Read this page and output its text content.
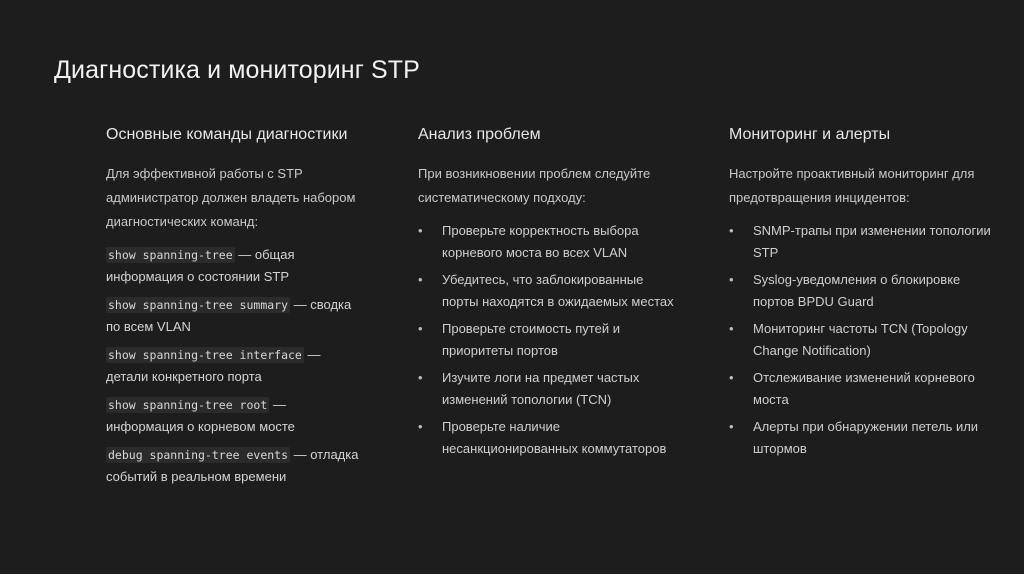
Диагностика и мониторинг STP
Основные команды диагностики

Для эффективной работы с STP администратор должен владеть набором диагностических команд:

show spanning-tree — общая информация о состоянии STP
show spanning-tree summary — сводка по всем VLAN
show spanning-tree interface — детали конкретного порта
show spanning-tree root — информация о корневом мосте
debug spanning-tree events — отладка событий в реальном времени
Анализ проблем

При возникновении проблем следуйте систематическому подходу:

• Проверьте корректность выбора корневого моста во всех VLAN
• Убедитесь, что заблокированные порты находятся в ожидаемых местах
• Проверьте стоимость путей и приоритеты портов
• Изучите логи на предмет частых изменений топологии (TCN)
• Проверьте наличие несанкционированных коммутаторов
Мониторинг и алерты

Настройте проактивный мониторинг для предотвращения инцидентов:

• SNMP-трапы при изменении топологии STP
• Syslog-уведомления о блокировке портов BPDU Guard
• Мониторинг частоты TCN (Topology Change Notification)
• Отслеживание изменений корневого моста
• Алерты при обнаружении петель или штормов
